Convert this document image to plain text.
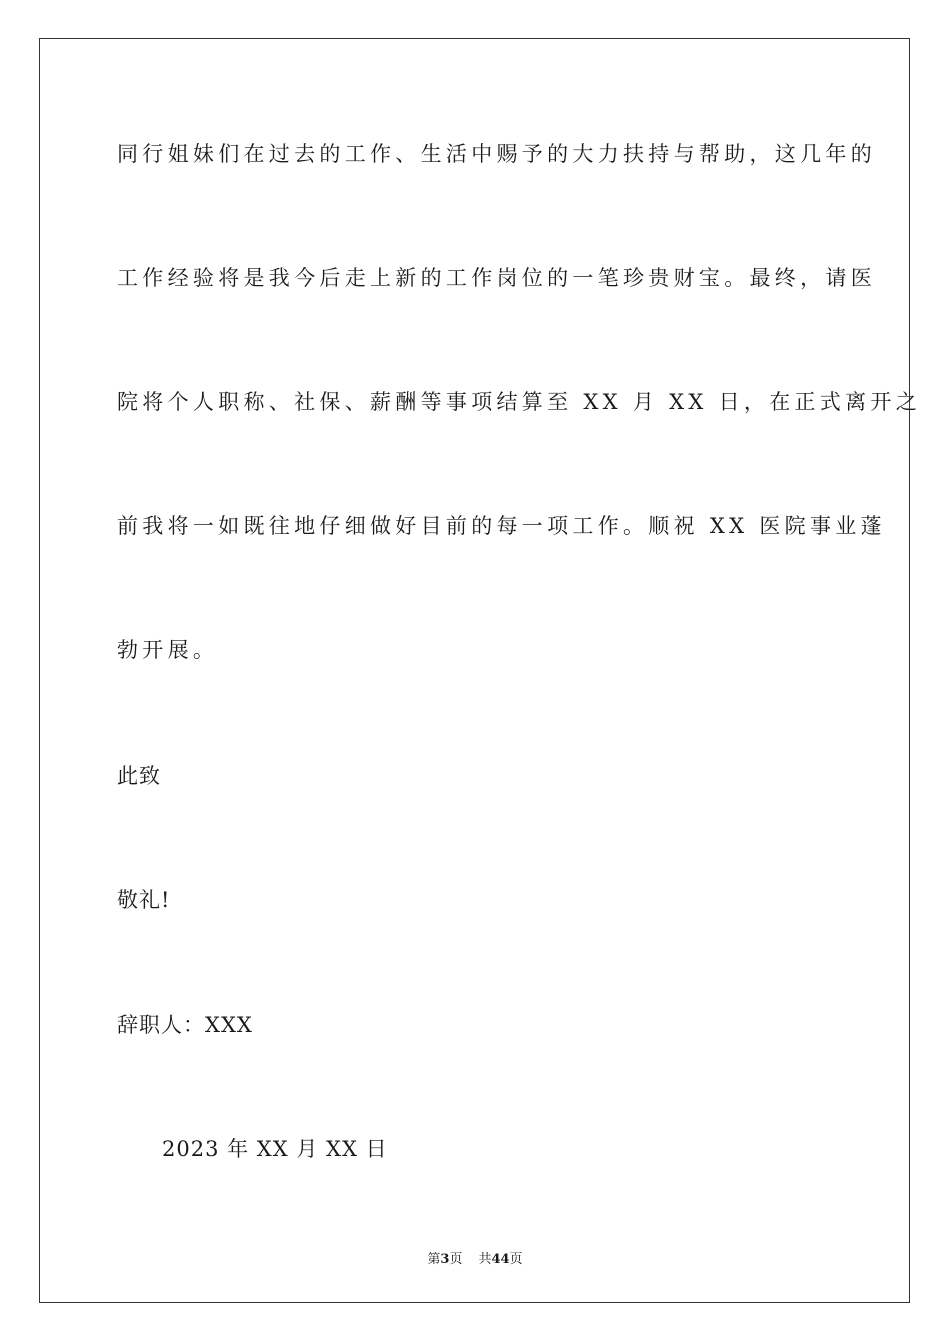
同行姐妹们在过去的工作、生活中赐予的大力扶持与帮助，这几年的
工作经验将是我今后走上新的工作岗位的一笔珍贵财宝。最终，请医
院将个人职称、社保、薪酬等事项结算至 XX 月 XX 日，在正式离开之
前我将一如既往地仔细做好目前的每一项工作。顺祝 XX 医院事业蓬
勃开展。
此致
敬礼!
辞职人：XXX
2023 年 XX 月 XX 日
第3页 共44页
